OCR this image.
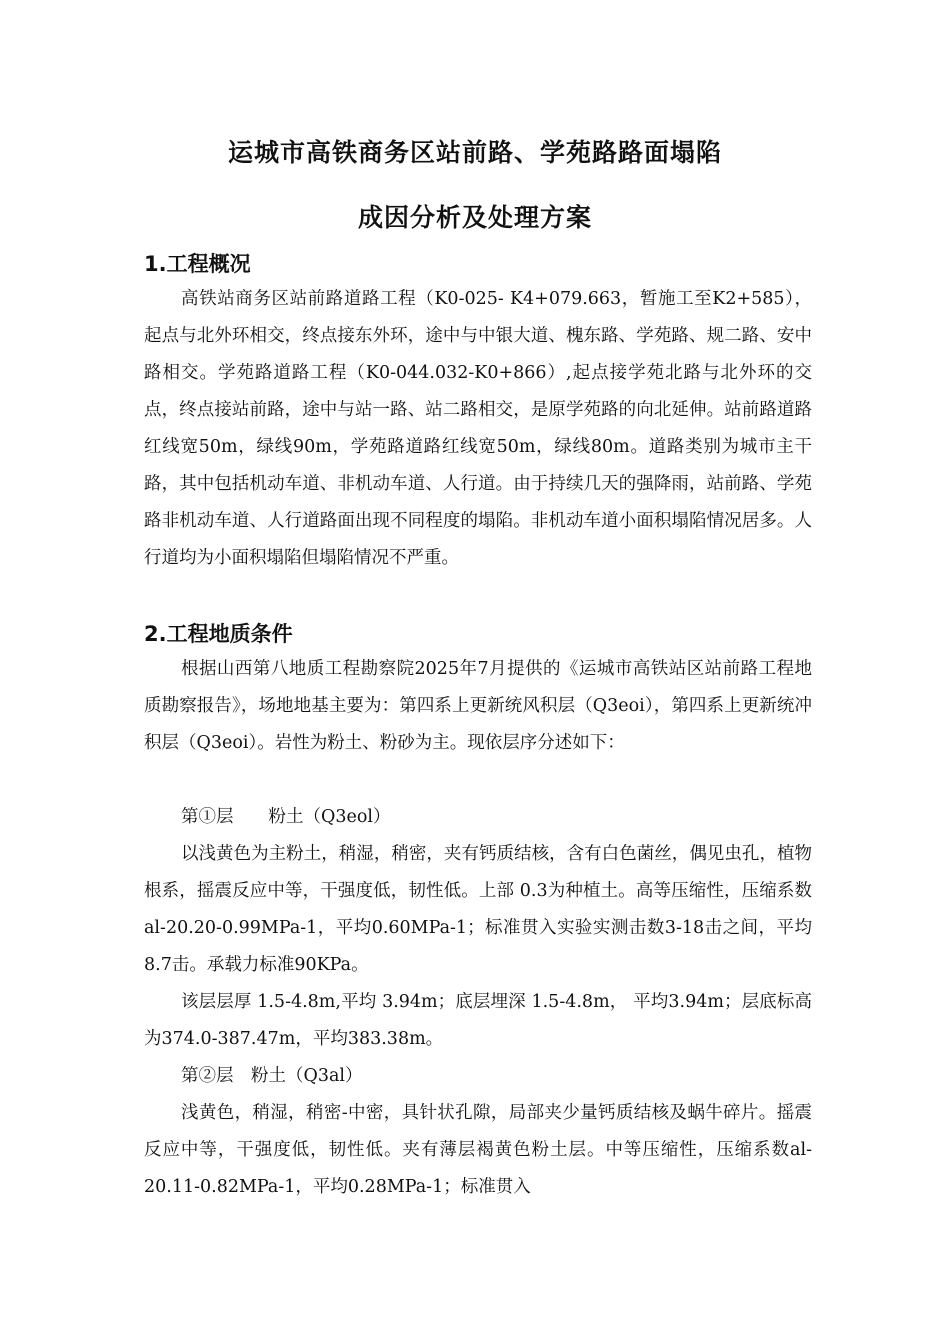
运城市高铁商务区站前路、学苑路路面塌陷
成因分析及处理方案
1.工程概况

高铁站商务区站前路道路工程（K0-025- K4+079.663，暂施工至K2+585），起点与北外环相交，终点接东外环，途中与中银大道、槐东路、学苑路、规二路、安中路相交。学苑路道路工程（K0-044.032-K0+866）,起点接学苑北路与北外环的交点，终点接站前路，途中与站一路、站二路相交，是原学苑路的向北延伸。站前路道路红线宽50m，绿线90m，学苑路道路红线宽50m，绿线80m。道路类别为城市主干路，其中包括机动车道、非机动车道、人行道。由于持续几天的强降雨，站前路、学苑路非机动车道、人行道路面出现不同程度的塌陷。非机动车道小面积塌陷情况居多。人行道均为小面积塌陷但塌陷情况不严重。

2.工程地质条件

根据山西第八地质工程勘察院2025年7月提供的《运城市高铁站区站前路工程地质勘察报告》，场地地基主要为：第四系上更新统风积层（Q3eoi），第四系上更新统冲积层（Q3eoi）。岩性为粉土、粉砂为主。现依层序分述如下：

第①层　　粉土（Q3eol）

以浅黄色为主粉土，稍湿，稍密，夹有钙质结核，含有白色菌丝，偶见虫孔，植物根系，摇震反应中等，干强度低，韧性低。上部 0.3为种植土。高等压缩性，压缩系数al-20.20-0.99MPa-1，平均0.60MPa-1；标准贯入实验实测击数3-18击之间，平均8.7击。承载力标准90KPa。

该层层厚 1.5-4.8m,平均 3.94m；底层埋深 1.5-4.8m， 平均3.94m；层底标高为374.0-387.47m，平均383.38m。

第②层　粉土（Q3al）

浅黄色，稍湿，稍密-中密，具针状孔隙，局部夹少量钙质结核及蜗牛碎片。摇震反应中等，干强度低，韧性低。夹有薄层褐黄色粉土层。中等压缩性，压缩系数al-20.11-0.82MPa-1，平均0.28MPa-1；标准贯入
